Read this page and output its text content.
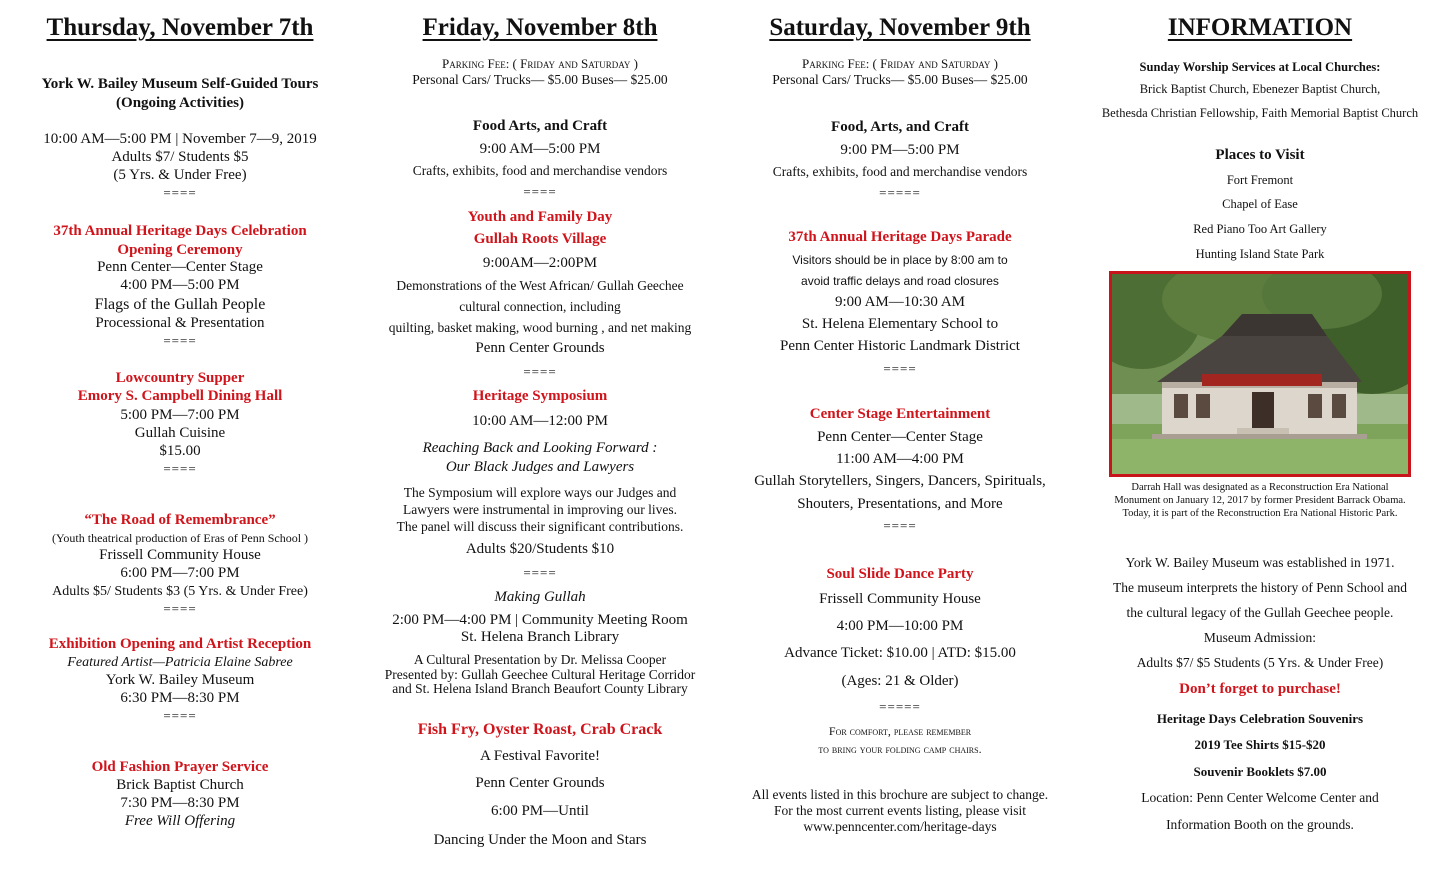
Thursday, November 7th
York W. Bailey Museum Self-Guided Tours
(Ongoing Activities)
10:00 AM—5:00 PM | November 7—9, 2019
Adults $7/ Students $5
(5 Yrs. & Under Free)
====
37th Annual Heritage Days Celebration
Opening Ceremony
Penn Center—Center Stage
4:00 PM—5:00 PM
Flags of the Gullah People
Processional & Presentation
====
Lowcountry Supper
Emory S. Campbell Dining Hall
5:00 PM—7:00 PM
Gullah Cuisine
$15.00
====
“The Road of Remembrance”
(Youth theatrical production of Eras of Penn School )
Frissell Community House
6:00 PM—7:00 PM
Adults $5/ Students $3 (5 Yrs. & Under Free)
====
Exhibition Opening and Artist Reception
Featured Artist—Patricia Elaine Sabree
York W. Bailey Museum
6:30 PM—8:30 PM
====
Old Fashion Prayer Service
Brick Baptist Church
7:30 PM—8:30 PM
Free Will Offering
Friday, November 8th
Parking Fee: ( Friday and Saturday )
Personal Cars/ Trucks— $5.00 Buses— $25.00
Food Arts, and Craft
9:00 AM—5:00 PM
Crafts, exhibits, food and merchandise vendors
====
Youth and Family Day
Gullah Roots Village
9:00AM—2:00PM
Demonstrations of the West African/ Gullah Geechee
cultural connection, including
quilting, basket making, wood burning , and net making
Penn Center Grounds
====
Heritage Symposium
10:00 AM—12:00 PM
Reaching Back and Looking Forward :
Our Black Judges and Lawyers
The Symposium will explore ways our Judges and
Lawyers were instrumental in improving our lives.
The panel will discuss their significant contributions.
Adults $20/Students $10
====
Making Gullah
2:00 PM—4:00 PM | Community Meeting Room
St. Helena Branch Library
A Cultural Presentation by Dr. Melissa Cooper
Presented by: Gullah Geechee Cultural Heritage Corridor
and St. Helena Island Branch Beaufort County Library
Fish Fry, Oyster Roast, Crab Crack
A Festival Favorite!
Penn Center Grounds
6:00 PM—Until
Dancing Under the Moon and Stars
Saturday, November 9th
Parking Fee: ( Friday and Saturday )
Personal Cars/ Trucks— $5.00 Buses— $25.00
Food, Arts, and Craft
9:00 PM—5:00 PM
Crafts, exhibits, food and merchandise vendors
=====
37th Annual Heritage Days Parade
Visitors should be in place by 8:00 am to
avoid traffic delays and road closures
9:00 AM—10:30 AM
St. Helena Elementary School to
Penn Center Historic Landmark District
====
Center Stage Entertainment
Penn Center—Center Stage
11:00 AM—4:00 PM
Gullah Storytellers, Singers, Dancers, Spirituals,
Shouters, Presentations, and More
====
Soul Slide Dance Party
Frissell Community House
4:00 PM—10:00 PM
Advance Ticket: $10.00 | ATD: $15.00
(Ages: 21 & Older)
=====
For comfort, please remember
to bring your folding camp chairs.
All events listed in this brochure are subject to change.
For the most current events listing, please visit
www.penncenter.com/heritage-days
INFORMATION
Sunday Worship Services at Local Churches:
Brick Baptist Church, Ebenezer Baptist Church,
Bethesda Christian Fellowship, Faith Memorial Baptist Church
Places to Visit
Fort Fremont
Chapel of Ease
Red Piano Too Art Gallery
Hunting Island State Park
Darrah Hall was designated as a Reconstruction Era National
Monument on January 12, 2017 by former President Barrack Obama.
Today, it is part of the Reconstruction Era National Historic Park.
York W. Bailey Museum was established in 1971.
The museum interprets the history of Penn School and
the cultural legacy of the Gullah Geechee people.
Museum Admission:
Adults $7/ $5 Students (5 Yrs. & Under Free)
Don’t forget to purchase!
Heritage Days Celebration Souvenirs
2019 Tee Shirts $15-$20
Souvenir Booklets $7.00
Location: Penn Center Welcome Center and
Information Booth on the grounds.
